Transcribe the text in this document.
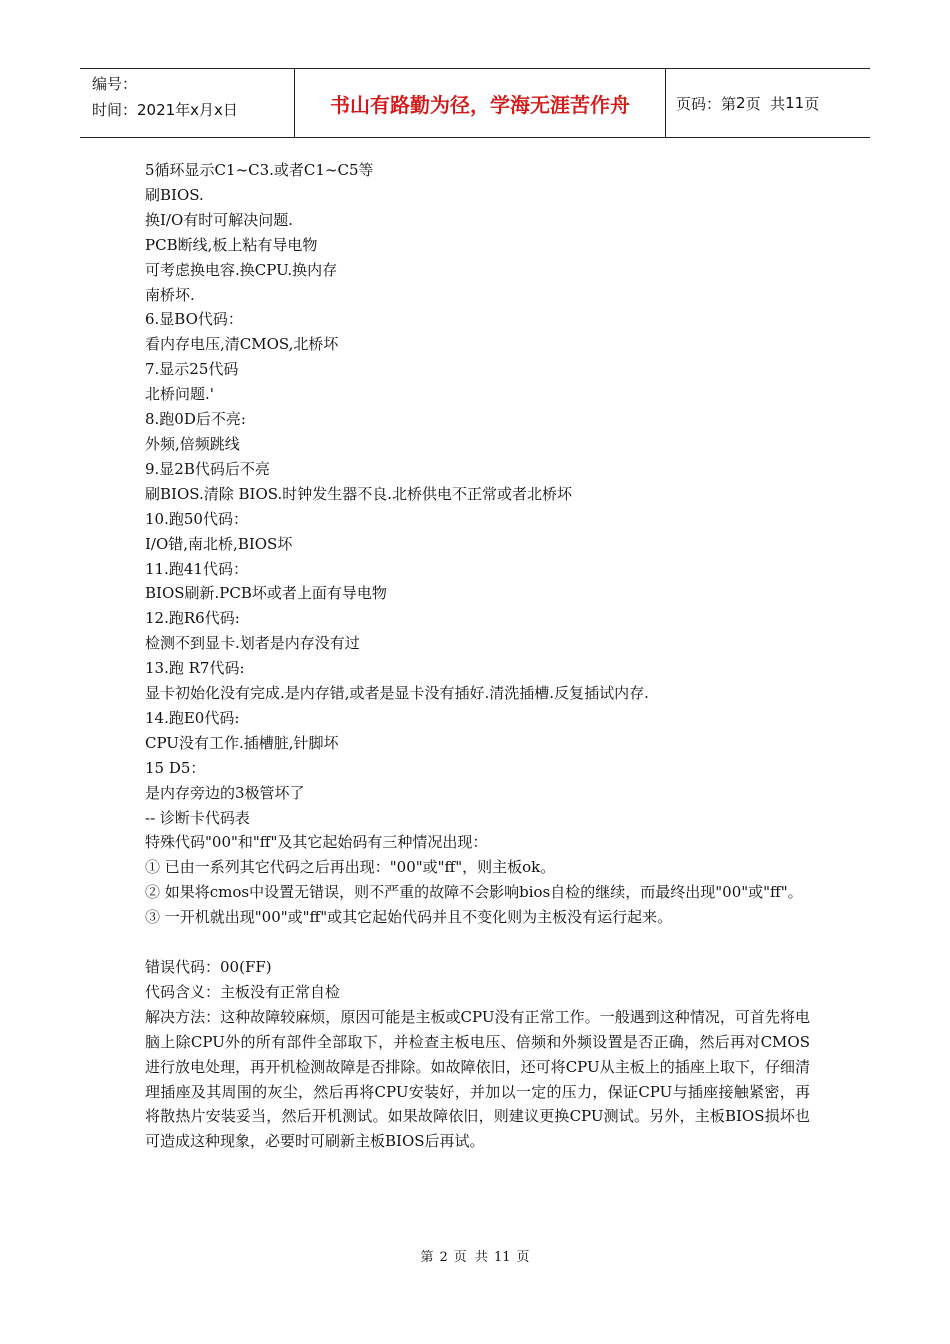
编号：
时间：2021年x月x日	书山有路勤为径，学海无涯苦作舟	页码：第 2 页  共 11 页
5循环显示C1~C3.或者C1~C5等
刷BIOS.
换I/O有时可解决问题.
PCB断线,板上粘有导电物
可考虑换电容.换CPU.换内存
南桥坏.
6.显BO代码：
看内存电压,清CMOS,北桥坏
7.显示25代码
北桥问题.'
8.跑0D后不亮:
外频,倍频跳线
9.显2B代码后不亮
刷BIOS.清除 BIOS.时钟发生器不良.北桥供电不正常或者北桥坏
10.跑50代码：
I/O错,南北桥,BIOS坏
11.跑41代码：
BIOS刷新.PCB坏或者上面有导电物
12.跑R6代码:
检测不到显卡.划者是内存没有过
13.跑 R7代码:
显卡初始化没有完成.是内存错,或者是显卡没有插好.清洗插槽.反复插试内存.
14.跑E0代码:
CPU没有工作.插槽脏,针脚坏
15 D5：
是内存旁边的3极管坏了
-- 诊断卡代码表
特殊代码"00"和"ff"及其它起始码有三种情况出现：
① 已由一系列其它代码之后再出现："00"或"ff"，则主板ok。
② 如果将cmos中设置无错误，则不严重的故障不会影响bios自检的继续，而最终出现"00"或"ff"。
③ 一开机就出现"00"或"ff"或其它起始代码并且不变化则为主板没有运行起来。
错误代码：00(FF)
代码含义：主板没有正常自检
解决方法：这种故障较麻烦，原因可能是主板或CPU没有正常工作。一般遇到这种情况，可首先将电脑上除CPU外的所有部件全部取下，并检查主板电压、倍频和外频设置是否正确，然后再对CMOS进行放电处理，再开机检测故障是否排除。如故障依旧，还可将CPU从主板上的插座上取下，仔细清理插座及其周围的灰尘，然后再将CPU安装好，并加以一定的压力，保证CPU与插座接触紧密，再将散热片安装妥当，然后开机测试。如果故障依旧，则建议更换CPU测试。另外，主板BIOS损坏也可造成这种现象，必要时可刷新主板BIOS后再试。
第 2 页 共 11 页
